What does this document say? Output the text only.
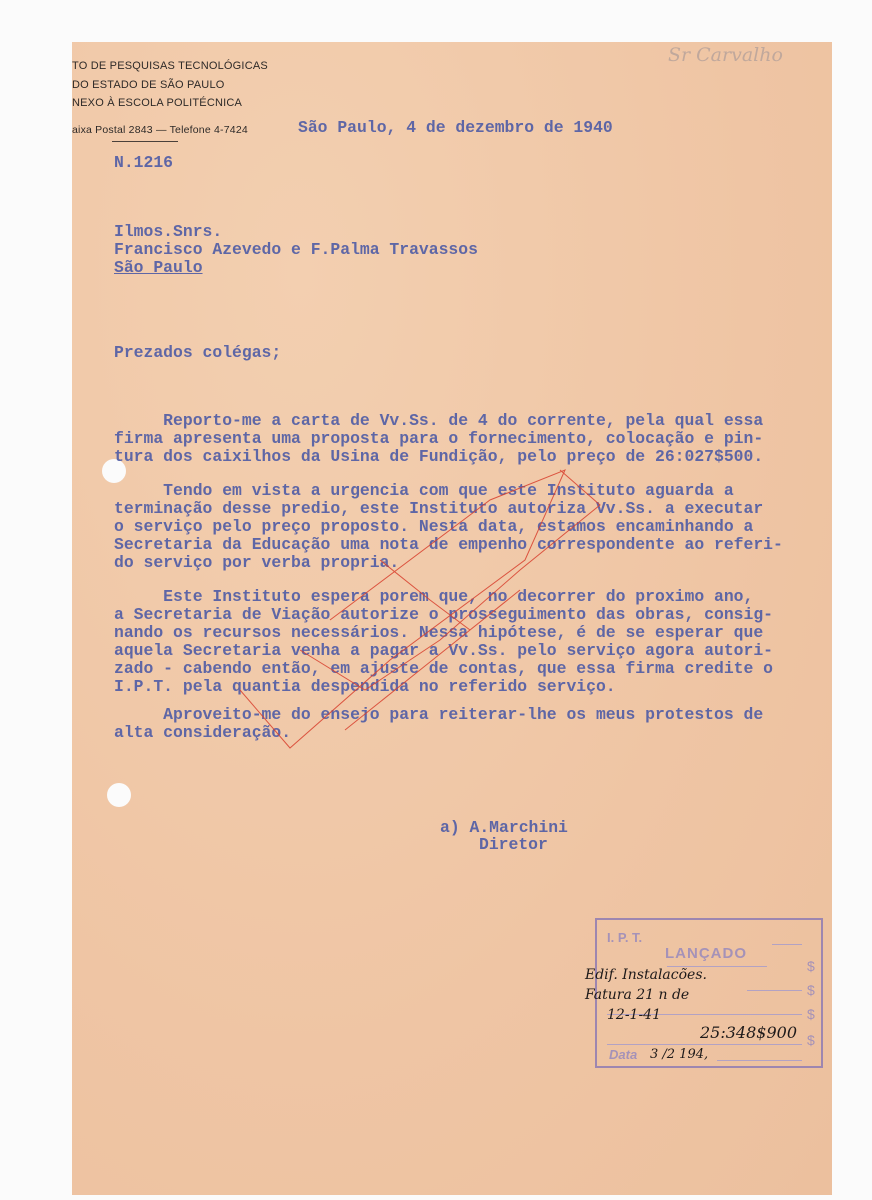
Sr Carvalho
TO DE PESQUISAS TECNOLÓGICAS
DO ESTADO DE SÃO PAULO
NEXO À ESCOLA POLITÉCNICA
aixa Postal 2843 — Telefone 4-7424	São Paulo, 4 de dezembro de 1940
N.1216
Ilmos.Snrs.
Francisco Azevedo e F.Palma Travassos
São Paulo
Prezados colégas;
Reporto-me a carta de Vv.Ss. de 4 do corrente, pela qual essa
firma apresenta uma proposta para o fornecimento, colocação e pin-
tura dos caixilhos da Usina de Fundição, pelo preço de 26:027$500.
Tendo em vista a urgencia com que este Instituto aguarda a
terminação desse predio, este Instituto autoriza Vv.Ss. a executar
o serviço pelo preço proposto. Nesta data, estamos encaminhando a
Secretaria da Educação uma nota de empenho correspondente ao referi-
do serviço por verba propria.
Este Instituto espera porem que, no decorrer do proximo ano,
a Secretaria de Viação autorize o prosseguimento das obras, consig-
nando os recursos necessários. Nessa hipótese, é de se esperar que
aquela Secretaria venha a pagar a Vv.Ss. pelo serviço agora autori-
zado - cabendo então, em ajuste de contas, que essa firma credite o
I.P.T. pela quantia despendida no referido serviço.
Aproveito-me do ensejo para reiterar-lhe os meus protestos de
alta consideração.
a) A.Marchini
Diretor
I. P. T.
LANÇADO
$
$
$
$
Data
Edif. Instalacões.
Fatura 21 n de
12-1-41
3 /2 194,
25:348$900
